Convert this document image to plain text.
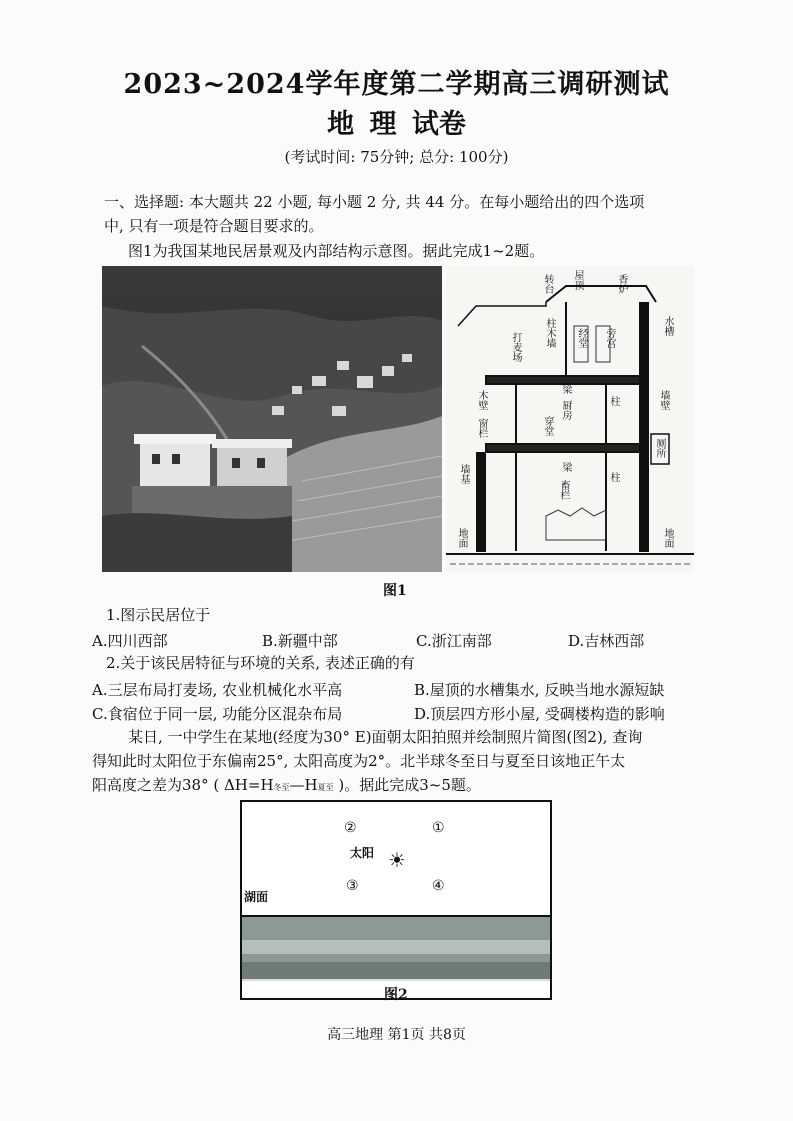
2023~2024学年度第二学期高三调研测试
地 理 试卷
(考试时间: 75分钟; 总分: 100分)
一、选择题: 本大题共 22 小题, 每小题 2 分, 共 44 分。在每小题给出的四个选项
中, 只有一项是符合题目要求的。
图1为我国某地民居景观及内部结构示意图。据此完成1~2题。
转台 屋顶	香炉
水槽
柱木墙 经堂 旁宫
打麦场
梁
木壁	厨房	柱	墙壁
窗栏	穿堂
厕所
梁
柱
墙基
畜栏
地面	地面
图1
1.图示民居位于
A.四川西部	B.新疆中部	C.浙江南部	D.吉林西部
2.关于该民居特征与环境的关系, 表述正确的有
A.三层布局打麦场, 农业机械化水平高	B.屋顶的水槽集水, 反映当地水源短缺
C.食宿位于同一层, 功能分区混杂布局	D.顶层四方形小屋, 受碉楼构造的影响
某日, 一中学生在某地(经度为30° E)面朝太阳拍照并绘制照片简图(图2), 查询
得知此时太阳位于东偏南25°, 太阳高度为2°。北半球冬至日与夏至日该地正午太
阳高度之差为38° ( ΔH=H冬至—H夏至 )。据此完成3~5题。
②	①
太阳 ☀
③	④
湖面
图2
高三地理 第1页 共8页
